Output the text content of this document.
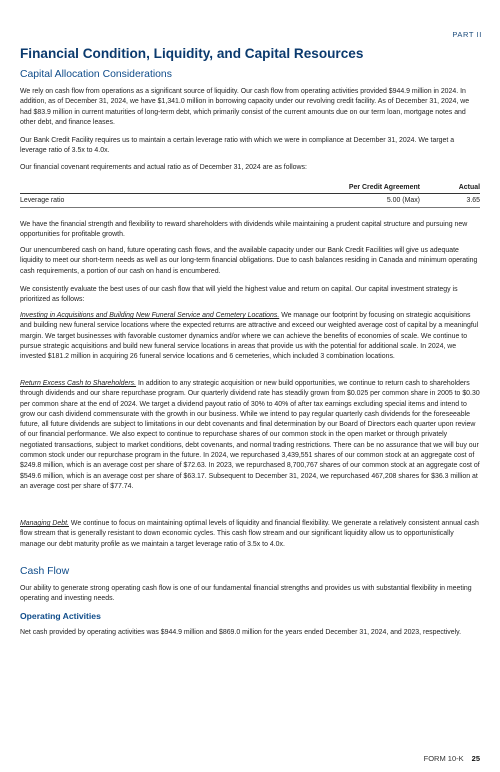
PART II
Financial Condition, Liquidity, and Capital Resources
Capital Allocation Considerations

We rely on cash flow from operations as a significant source of liquidity. Our cash flow from operating activities provided $944.9 million in 2024. In addition, as of December 31, 2024, we have $1,341.0 million in borrowing capacity under our revolving credit facility. As of December 31, 2024, we had $83.9 million in current maturities of long-term debt, which primarily consist of the current amounts due on our term loan, mortgage notes and other debt, and finance leases.

Our Bank Credit Facility requires us to maintain a certain leverage ratio with which we were in compliance at December 31, 2024. We target a leverage ratio of 3.5x to 4.0x.

Our financial covenant requirements and actual ratio as of December 31, 2024 are as follows:

	Per Credit Agreement	Actual
Leverage ratio	5.00 (Max)	3.65

We have the financial strength and flexibility to reward shareholders with dividends while maintaining a prudent capital structure and pursuing new opportunities for profitable growth.

Our unencumbered cash on hand, future operating cash flows, and the available capacity under our Bank Credit Facilities will give us adequate liquidity to meet our short-term needs as well as our long-term financial obligations. Due to cash balances residing in Canada and minimum operating cash requirements, a portion of our cash on hand is encumbered.

We consistently evaluate the best uses of our cash flow that will yield the highest value and return on capital. Our capital investment strategy is prioritized as follows:

Investing in Acquisitions and Building New Funeral Service and Cemetery Locations. We manage our footprint by focusing on strategic acquisitions and building new funeral service locations where the expected returns are attractive and exceed our weighted average cost of capital by a meaningful margin. We target businesses with favorable customer dynamics and/or where we can achieve the benefits of economies of scale. We continue to pursue strategic acquisitions and build new funeral service locations in areas that provide us with the potential for additional scale. In 2024, we invested $181.2 million in acquiring 26 funeral service locations and 6 cemeteries, which included 3 combination locations.

Return Excess Cash to Shareholders. In addition to any strategic acquisition or new build opportunities, we continue to return cash to shareholders through dividends and our share repurchase program. Our quarterly dividend rate has steadily grown from $0.025 per common share in 2005 to $0.30 per common share at the end of 2024. We target a dividend payout ratio of 30% to 40% of after tax earnings excluding special items and intend to grow our cash dividend commensurate with the growth in our business. While we intend to pay regular quarterly cash dividends for the foreseeable future, all future dividends are subject to limitations in our debt covenants and final determination by our Board of Directors each quarter upon review of our financial performance. We also expect to continue to repurchase shares of our common stock in the open market or through privately negotiated transactions, subject to market conditions, debt covenants, and normal trading restrictions. There can be no assurance that we will buy our common stock under our repurchase program in the future. In 2024, we repurchased 3,439,551 shares of our common stock at an aggregate cost of $249.8 million, which is an average cost per share of $72.63. In 2023, we repurchased 8,700,767 shares of our common stock at an aggregate cost of $549.6 million, which is an average cost per share of $63.17. Subsequent to December 31, 2024, we repurchased 467,208 shares for $36.3 million at an average cost per share of $77.74.

Managing Debt. We continue to focus on maintaining optimal levels of liquidity and financial flexibility. We generate a relatively consistent annual cash flow stream that is generally resistant to down economic cycles. This cash flow stream and our significant liquidity allow us to opportunistically manage our debt maturity profile as we maintain a target leverage ratio of 3.5x to 4.0x.

Cash Flow

Our ability to generate strong operating cash flow is one of our fundamental financial strengths and provides us with substantial flexibility in meeting operating and investing needs.

Operating Activities

Net cash provided by operating activities was $944.9 million and $869.0 million for the years ended December 31, 2024, and 2023, respectively.

FORM 10-K 25
